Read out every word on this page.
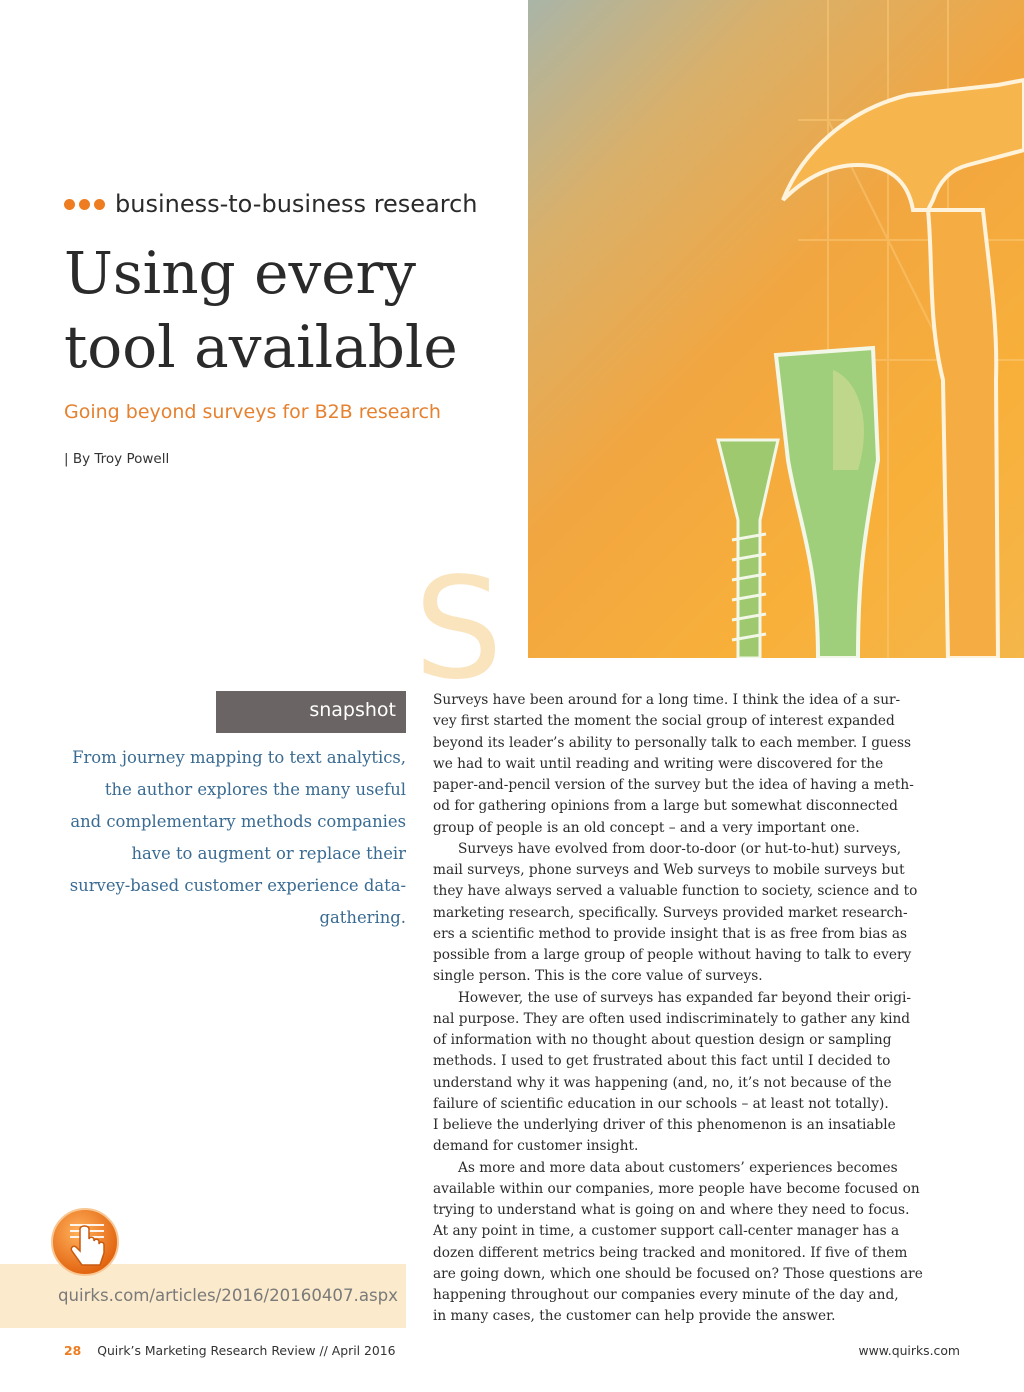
business-to-business research
Using every
tool available
Going beyond surveys for B2B research
| By Troy Powell
S
snapshot
From journey mapping to text analytics,
the author explores the many useful
and complementary methods companies
have to augment or replace their
survey-based customer experience data-
gathering.
quirks.com/articles/2016/20160407.aspx

Surveys have been around for a long time. I think the idea of a sur-
vey first started the moment the social group of interest expanded
beyond its leader’s ability to personally talk to each member. I guess
we had to wait until reading and writing were discovered for the
paper-and-pencil version of the survey but the idea of having a meth-
od for gathering opinions from a large but somewhat disconnected
group of people is an old concept – and a very important one.

Surveys have evolved from door-to-door (or hut-to-hut) surveys,
mail surveys, phone surveys and Web surveys to mobile surveys but
they have always served a valuable function to society, science and to
marketing research, specifically. Surveys provided market research-
ers a scientific method to provide insight that is as free from bias as
possible from a large group of people without having to talk to every
single person. This is the core value of surveys.

However, the use of surveys has expanded far beyond their origi-
nal purpose. They are often used indiscriminately to gather any kind
of information with no thought about question design or sampling
methods. I used to get frustrated about this fact until I decided to
understand why it was happening (and, no, it’s not because of the
failure of scientific education in our schools – at least not totally).
I believe the underlying driver of this phenomenon is an insatiable
demand for customer insight.

As more and more data about customers’ experiences becomes
available within our companies, more people have become focused on
trying to understand what is going on and where they need to focus.
At any point in time, a customer support call-center manager has a
dozen different metrics being tracked and monitored. If five of them
are going down, which one should be focused on? Those questions are
happening throughout our companies every minute of the day and,
in many cases, the customer can help provide the answer.

28 Quirk’s Marketing Research Review // April 2016	www.quirks.com
